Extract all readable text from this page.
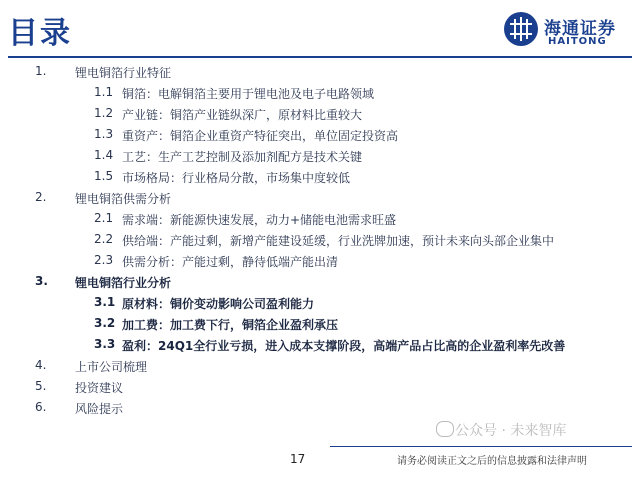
目录	海通证券
HAITONG
1. 锂电铜箔行业特征
1.1 铜箔：电解铜箔主要用于锂电池及电子电路领域
1.2 产业链：铜箔产业链纵深广，原材料比重较大
1.3 重资产：铜箔企业重资产特征突出，单位固定投资高
1.4 工艺：生产工艺控制及添加剂配方是技术关键
1.5 市场格局：行业格局分散，市场集中度较低
2. 锂电铜箔供需分析
2.1 需求端：新能源快速发展，动力+储能电池需求旺盛
2.2 供给端：产能过剩，新增产能建设延缓，行业洗牌加速，预计未来向头部企业集中
2.3 供需分析：产能过剩，静待低端产能出清
3. 锂电铜箔行业分析
3.1 原材料：铜价变动影响公司盈利能力
3.2 加工费：加工费下行，铜箔企业盈利承压
3.3 盈利：24Q1全行业亏损，进入成本支撑阶段，高端产品占比高的企业盈利率先改善
4. 上市公司梳理
5. 投资建议
6. 风险提示
公众号 · 未来智库
17	请务必阅读正文之后的信息披露和法律声明
